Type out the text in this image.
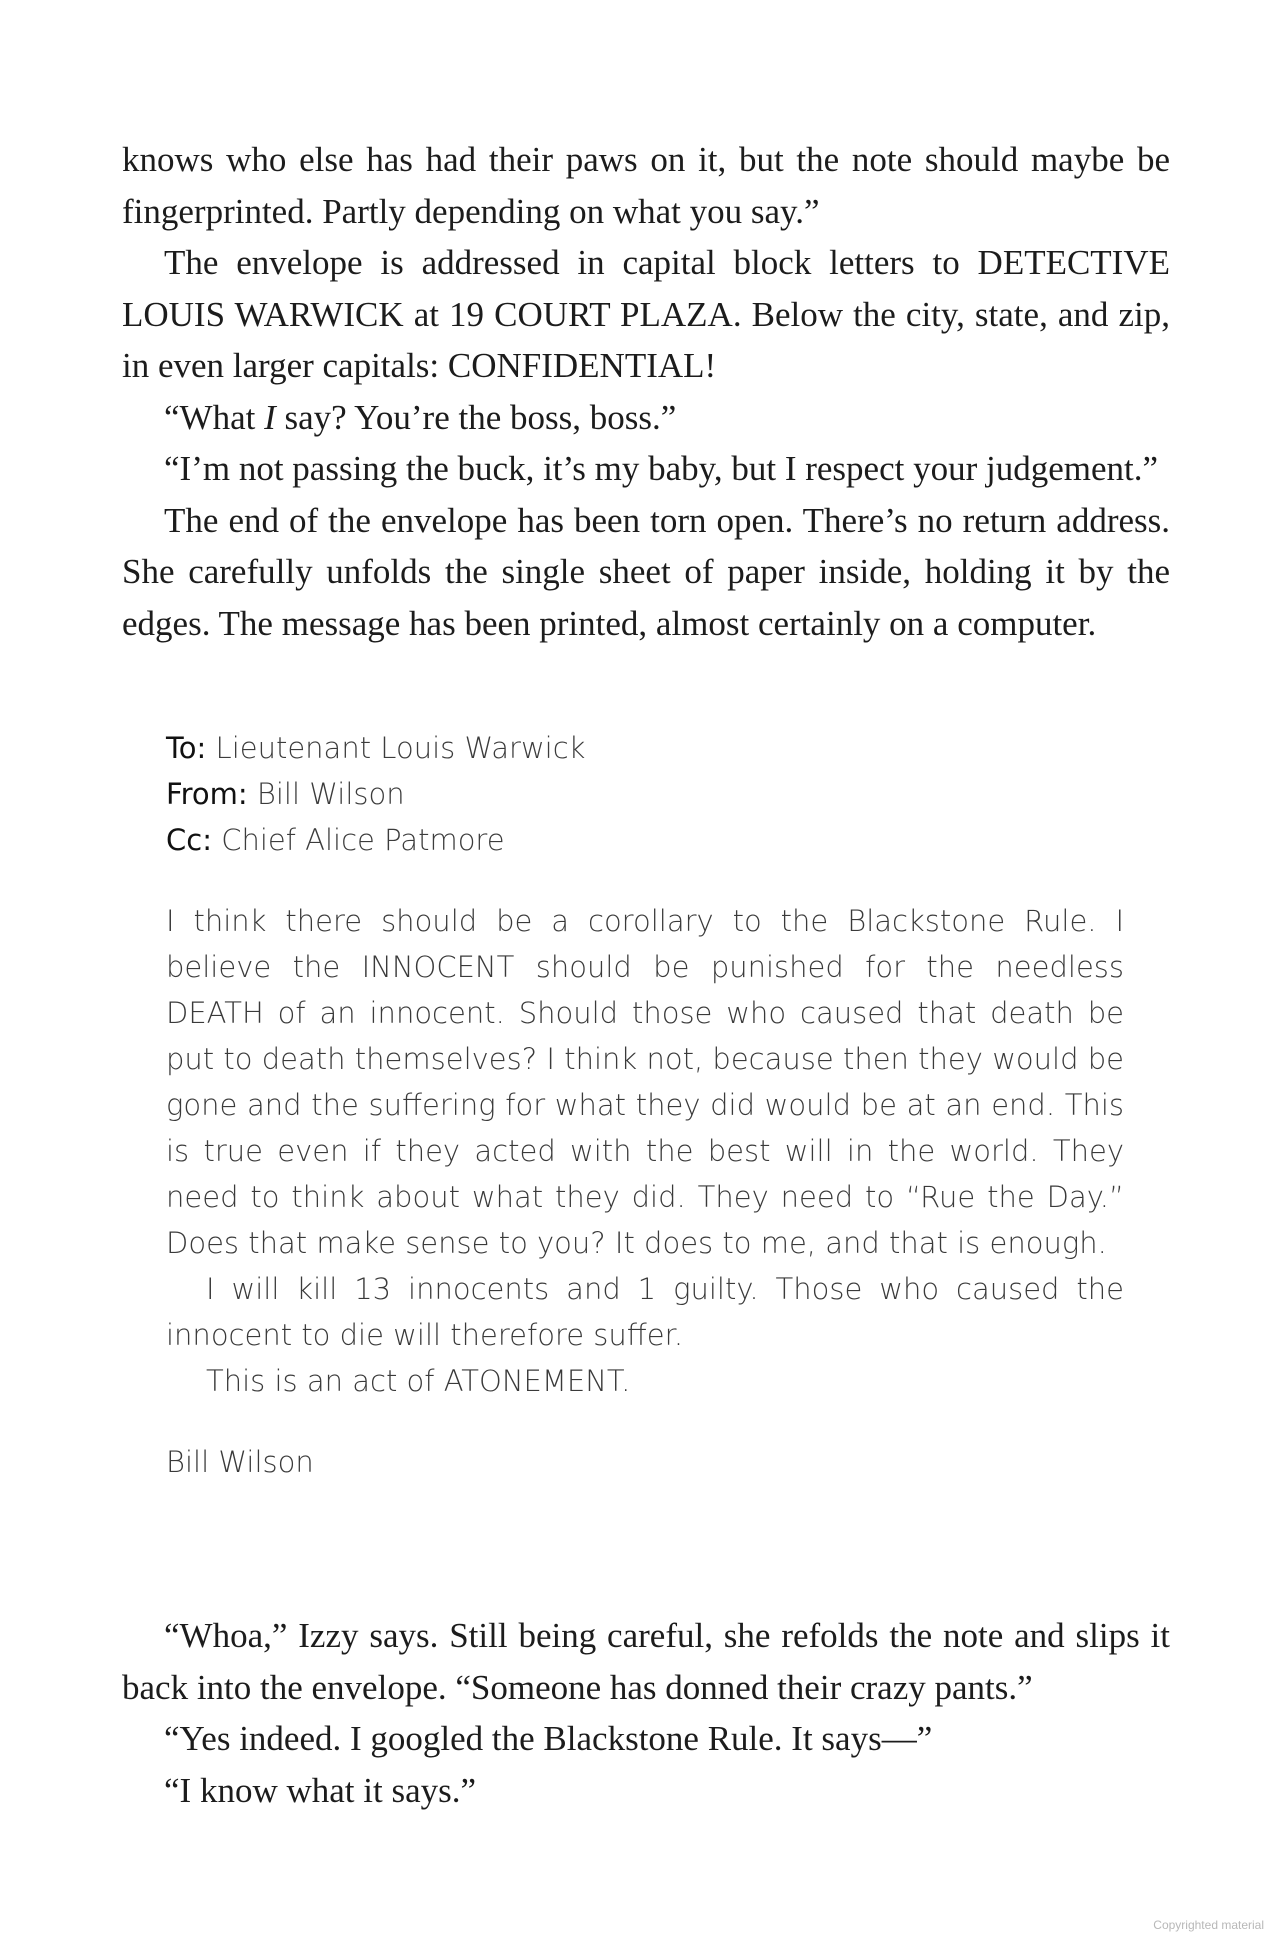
knows who else has had their paws on it, but the note should maybe be fingerprinted. Partly depending on what you say.”

The envelope is addressed in capital block letters to DETECTIVE LOUIS WARWICK at 19 COURT PLAZA. Below the city, state, and zip, in even larger capitals: CONFIDENTIAL!

“What I say? You’re the boss, boss.”

“I’m not passing the buck, it’s my baby, but I respect your judgement.”

The end of the envelope has been torn open. There’s no return address. She carefully unfolds the single sheet of paper inside, holding it by the edges. The message has been printed, almost certainly on a computer.

To: Lieutenant Louis Warwick
From: Bill Wilson
Cc: Chief Alice Patmore

I think there should be a corollary to the Blackstone Rule. I believe the INNOCENT should be punished for the needless DEATH of an innocent. Should those who caused that death be put to death themselves? I think not, because then they would be gone and the suffering for what they did would be at an end. This is true even if they acted with the best will in the world. They need to think about what they did. They need to “Rue the Day.” Does that make sense to you? It does to me, and that is enough.

I will kill 13 innocents and 1 guilty. Those who caused the innocent to die will therefore suffer.

This is an act of ATONEMENT.

Bill Wilson

“Whoa,” Izzy says. Still being careful, she refolds the note and slips it back into the envelope. “Someone has donned their crazy pants.”

“Yes indeed. I googled the Blackstone Rule. It says—”

“I know what it says.”

Copyrighted material
